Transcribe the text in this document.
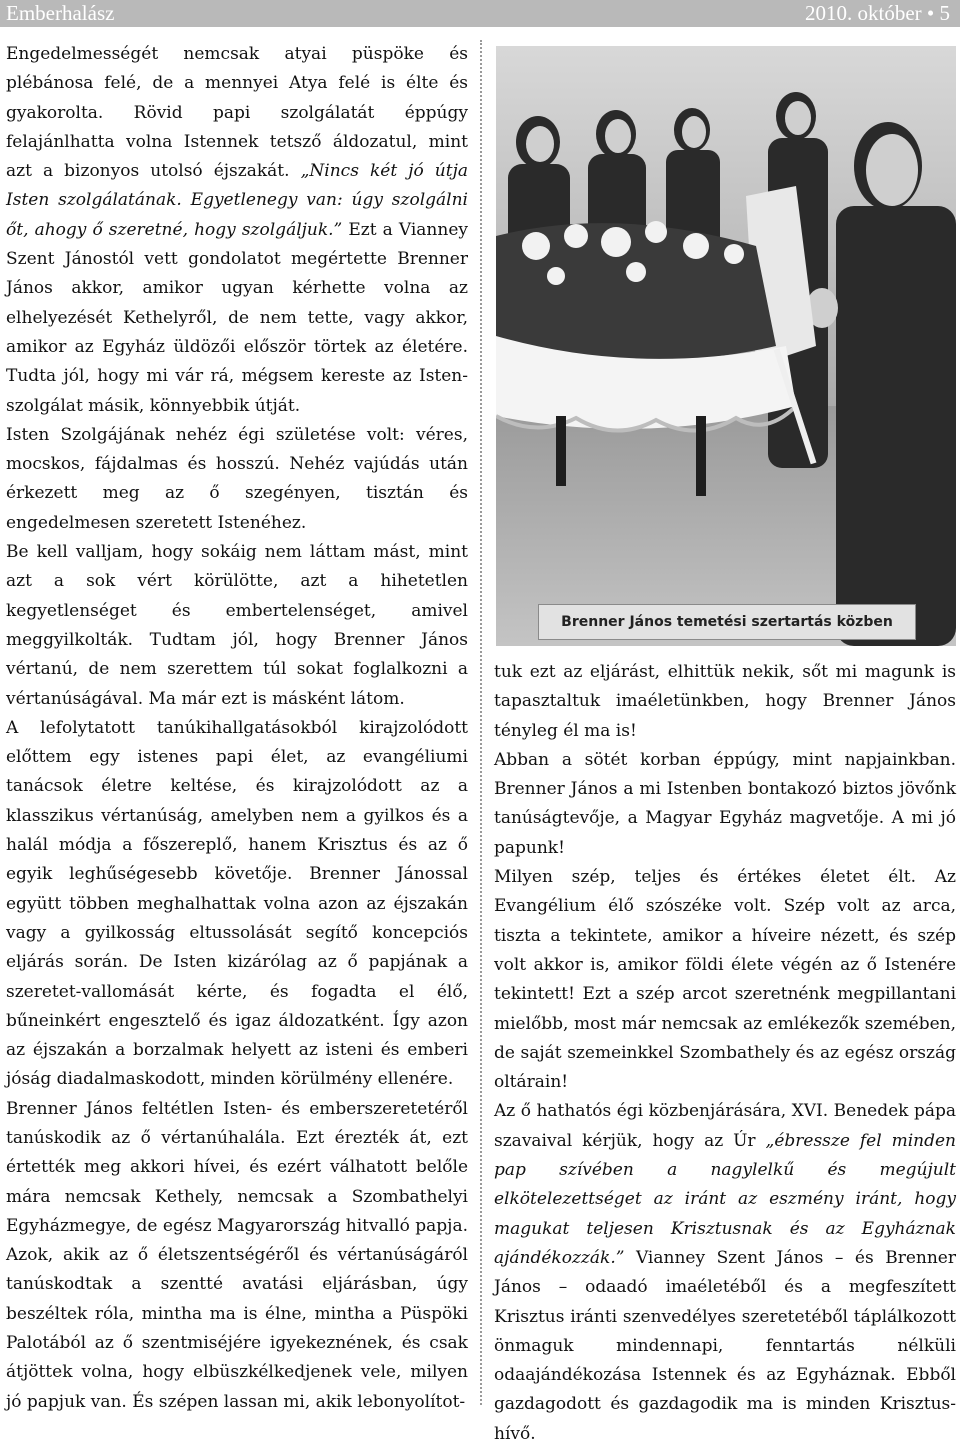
Emberhalász	2010. október • 5

Engedelmességét nemcsak atyai püspöke és plébánosa felé, de a mennyei Atya felé is élte és gyakorolta. Rövid papi szolgálatát éppúgy felajánlhatta volna Istennek tetsző áldozatul, mint azt a bizonyos utolsó éjszakát. „Nincs két jó útja Isten szolgálatának. Egyetlenegy van: úgy szolgálni őt, ahogy ő szeretné, hogy szolgáljuk.” Ezt a Vianney Szent Jánostól vett gondolatot megértette Brenner János akkor, amikor ugyan kérhette volna az elhelyezését Kethelyről, de nem tette, vagy akkor, amikor az Egyház üldözői először törtek az életére. Tudta jól, hogy mi vár rá, mégsem kereste az Isten-szolgálat másik, könnyebbik útját.

Isten Szolgájának nehéz égi születése volt: véres, mocskos, fájdalmas és hosszú. Nehéz vajúdás után érkezett meg az ő szegényen, tisztán és engedelmesen szeretett Istenéhez.

Be kell valljam, hogy sokáig nem láttam mást, mint azt a sok vért körülötte, azt a hihetetlen kegyetlenséget és embertelenséget, amivel meggyilkolták. Tudtam jól, hogy Brenner János vértanú, de nem szerettem túl sokat foglalkozni a vértanúságával. Ma már ezt is másként látom.

A lefolytatott tanúkihallgatásokból kirajzolódott előttem egy istenes papi élet, az evangéliumi tanácsok életre keltése, és kirajzolódott az a klasszikus vértanúság, amelyben nem a gyilkos és a halál módja a főszereplő, hanem Krisztus és az ő egyik leghűségesebb követője. Brenner Jánossal együtt többen meghalhattak volna azon az éjszakán vagy a gyilkosság eltussolását segítő koncepciós eljárás során. De Isten kizárólag az ő papjának a szeretet-vallomását kérte, és fogadta el élő, bűneinkért engesztelő és igaz áldozatként. Így azon az éjszakán a borzalmak helyett az isteni és emberi jóság diadalmaskodott, minden körülmény ellenére.

Brenner János feltétlen Isten- és emberszeretetéről tanúskodik az ő vértanúhalála. Ezt érezték át, ezt értették meg akkori hívei, és ezért válhatott belőle mára nemcsak Kethely, nemcsak a Szombathelyi Egyházmegye, de egész Magyarország hitvalló papja. Azok, akik az ő életszentségéről és vértanúságáról tanúskodtak a szentté avatási eljárásban, úgy beszéltek róla, mintha ma is élne, mintha a Püspöki Palotából az ő szentmiséjére igyekeznének, és csak átjöttek volna, hogy elbüszkélkedjenek vele, milyen jó papjuk van. És szépen lassan mi, akik lebonyolítot-

Brenner János temetési szertartás közben

tuk ezt az eljárást, elhittük nekik, sőt mi magunk is tapasztaltuk imaéletünkben, hogy Brenner János tényleg él ma is!

Abban a sötét korban éppúgy, mint napjainkban. Brenner János a mi Istenben bontakozó biztos jövőnk tanúságtevője, a Magyar Egyház magvetője. A mi jó papunk!

Milyen szép, teljes és értékes életet élt. Az Evangélium élő szószéke volt. Szép volt az arca, tiszta a tekintete, amikor a híveire nézett, és szép volt akkor is, amikor földi élete végén az ő Istenére tekintett! Ezt a szép arcot szeretnénk megpillantani mielőbb, most már nemcsak az emlékezők szemében, de saját szemeinkkel Szombathely és az egész ország oltárain!

Az ő hathatós égi közbenjárására, XVI. Benedek pápa szavaival kérjük, hogy az Úr „ébressze fel minden pap szívében a nagylelkű és megújult elkötelezettséget az iránt az eszmény iránt, hogy magukat teljesen Krisztusnak és az Egyháznak ajándékozzák.” Vianney Szent János – és Brenner János – odaadó imaéletéből és a megfeszített Krisztus iránti szenvedélyes szeretetéből táplálkozott önmaguk mindennapi, fenntartás nélküli odaajándékozása Istennek és az Egyháznak. Ebből gazdagodott és gazdagodik ma is minden Krisztus-hívő.
